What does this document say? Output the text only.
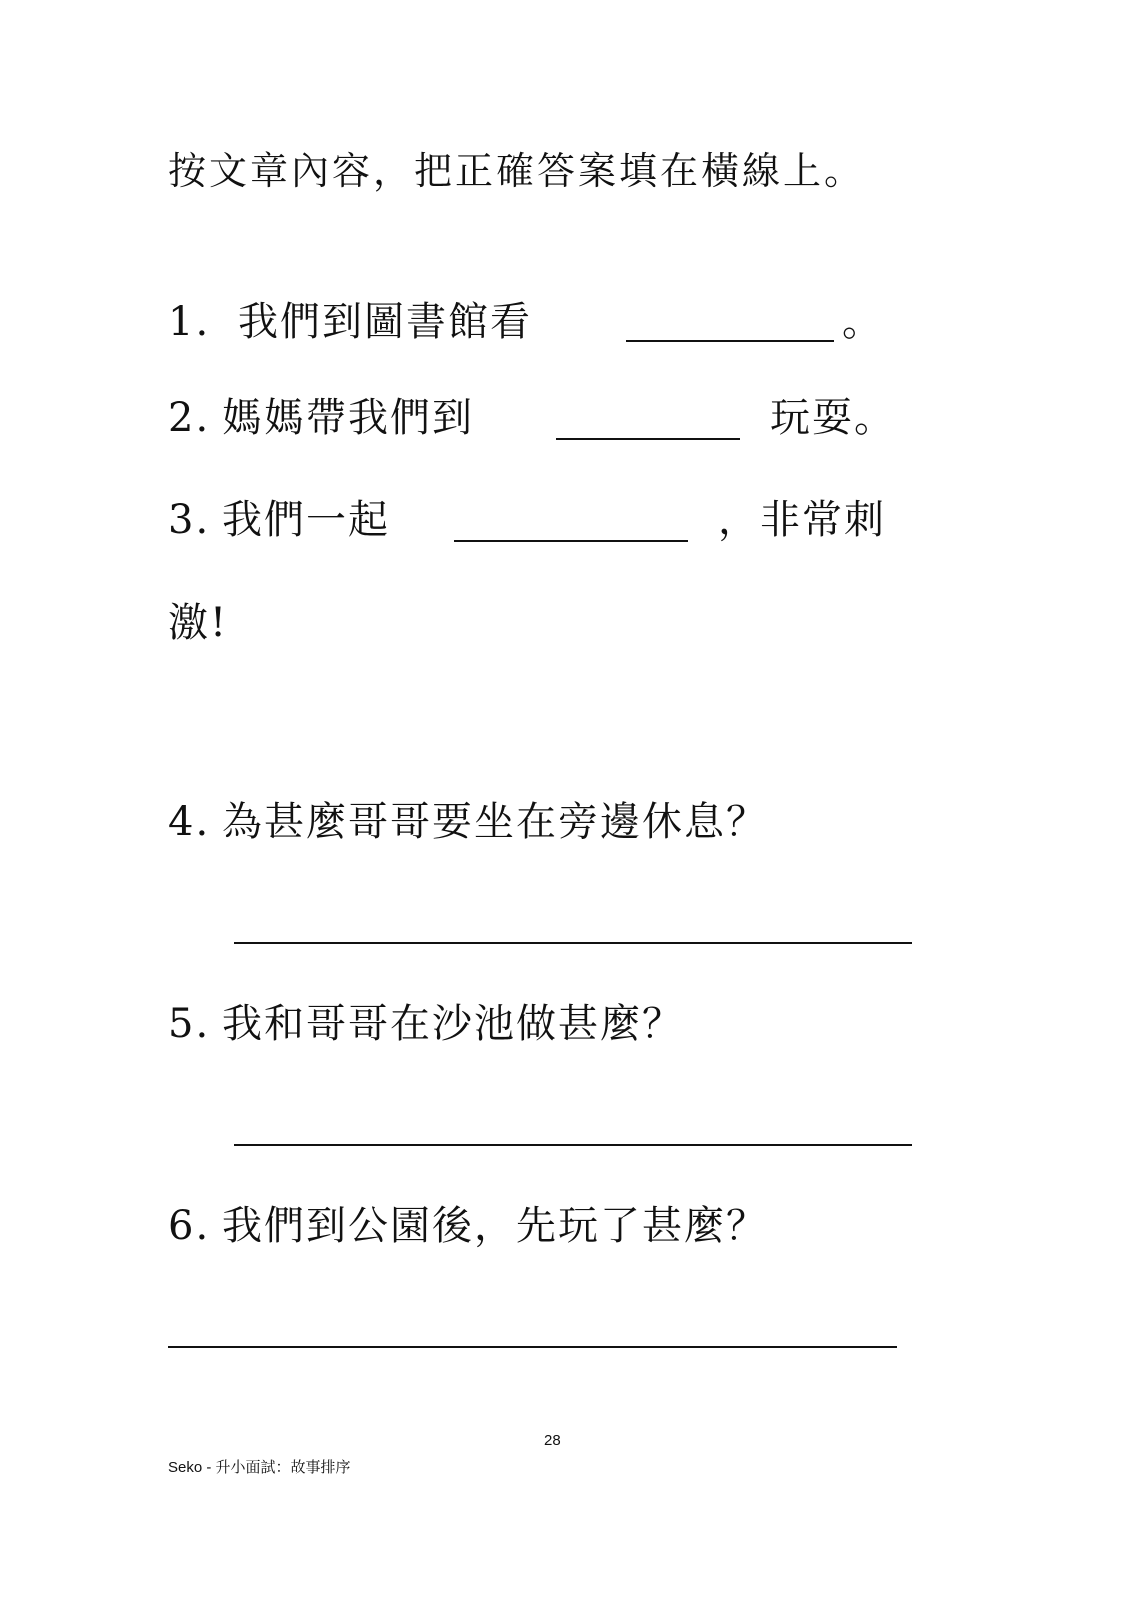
按文章內容，把正確答案填在橫線上。
1. 我們到圖書館看	。
2. 媽媽帶我們到	玩耍。
3. 我們一起	，非常刺
激!
4. 為甚麼哥哥要坐在旁邊休息？
5. 我和哥哥在沙池做甚麼？
6. 我們到公園後，先玩了甚麼？
28
Seko - 升小面試：故事排序
